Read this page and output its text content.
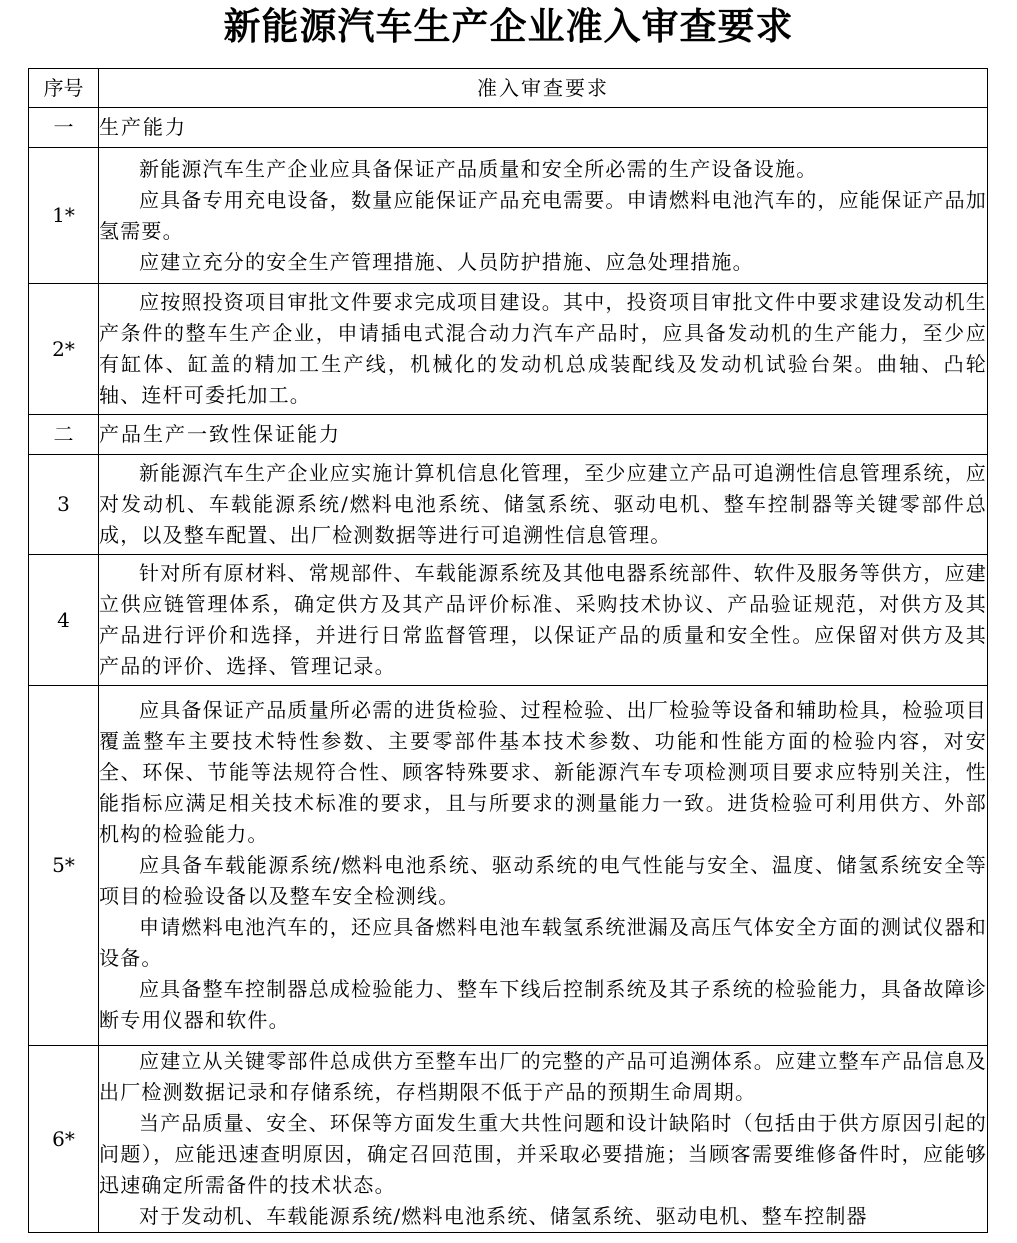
新能源汽车生产企业准入审查要求
序号	准入审查要求
一	生产能力
1*	新能源汽车生产企业应具备保证产品质量和安全所必需的生产设备设施。
应具备专用充电设备，数量应能保证产品充电需要。申请燃料电池汽车的，应能保证产品加氢需要。
应建立充分的安全生产管理措施、人员防护措施、应急处理措施。

2*	应按照投资项目审批文件要求完成项目建设。其中，投资项目审批文件中要求建设发动机生产条件的整车生产企业，申请插电式混合动力汽车产品时，应具备发动机的生产能力，至少应有缸体、缸盖的精加工生产线，机械化的发动机总成装配线及发动机试验台架。曲轴、凸轮轴、连杆可委托加工。

二	产品生产一致性保证能力
3	新能源汽车生产企业应实施计算机信息化管理，至少应建立产品可追溯性信息管理系统，应对发动机、车载能源系统/燃料电池系统、储氢系统、驱动电机、整车控制器等关键零部件总成，以及整车配置、出厂检测数据等进行可追溯性信息管理。

4	针对所有原材料、常规部件、车载能源系统及其他电器系统部件、软件及服务等供方，应建立供应链管理体系，确定供方及其产品评价标准、采购技术协议、产品验证规范，对供方及其产品进行评价和选择，并进行日常监督管理，以保证产品的质量和安全性。应保留对供方及其产品的评价、选择、管理记录。

5*	应具备保证产品质量所必需的进货检验、过程检验、出厂检验等设备和辅助检具，检验项目覆盖整车主要技术特性参数、主要零部件基本技术参数、功能和性能方面的检验内容，对安全、环保、节能等法规符合性、顾客特殊要求、新能源汽车专项检测项目要求应特别关注，性能指标应满足相关技术标准的要求，且与所要求的测量能力一致。进货检验可利用供方、外部机构的检验能力。
应具备车载能源系统/燃料电池系统、驱动系统的电气性能与安全、温度、储氢系统安全等项目的检验设备以及整车安全检测线。
申请燃料电池汽车的，还应具备燃料电池车载氢系统泄漏及高压气体安全方面的测试仪器和设备。
应具备整车控制器总成检验能力、整车下线后控制系统及其子系统的检验能力，具备故障诊断专用仪器和软件。

6*	应建立从关键零部件总成供方至整车出厂的完整的产品可追溯体系。应建立整车产品信息及出厂检测数据记录和存储系统，存档期限不低于产品的预期生命周期。
当产品质量、安全、环保等方面发生重大共性问题和设计缺陷时（包括由于供方原因引起的问题），应能迅速查明原因，确定召回范围，并采取必要措施；当顾客需要维修备件时，应能够迅速确定所需备件的技术状态。
对于发动机、车载能源系统/燃料电池系统、储氢系统、驱动电机、整车控制器
